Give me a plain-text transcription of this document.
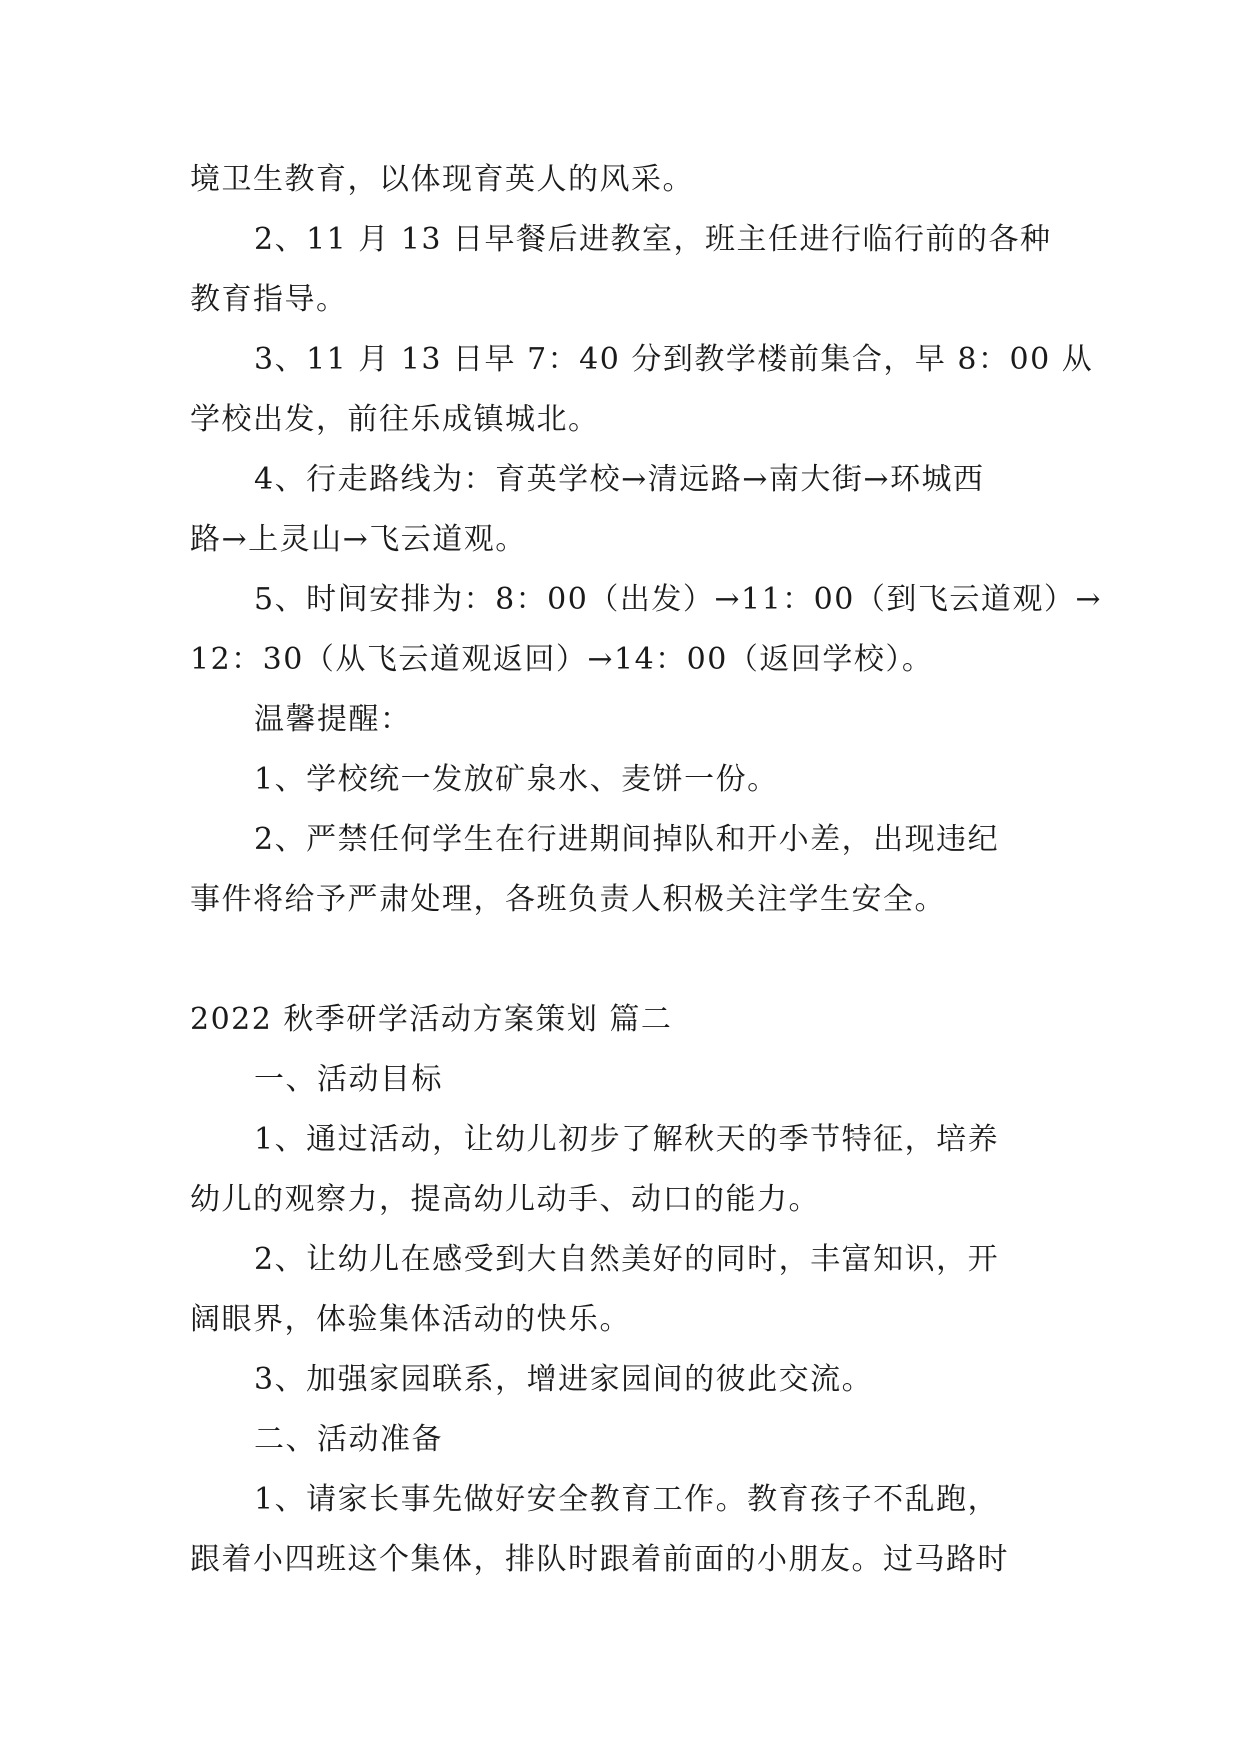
境卫生教育，以体现育英人的风采。
2、11 月 13 日早餐后进教室，班主任进行临行前的各种
教育指导。
3、11 月 13 日早 7：40 分到教学楼前集合，早 8：00 从
学校出发，前往乐成镇城北。
4、行走路线为：育英学校→清远路→南大街→环城西
路→上灵山→飞云道观。
5、时间安排为：8：00（出发）→11：00（到飞云道观）→
12：30（从飞云道观返回）→14：00（返回学校）。
温馨提醒：
1、学校统一发放矿泉水、麦饼一份。
2、严禁任何学生在行进期间掉队和开小差，出现违纪
事件将给予严肃处理，各班负责人积极关注学生安全。
2022 秋季研学活动方案策划 篇二
一、活动目标
1、通过活动，让幼儿初步了解秋天的季节特征，培养
幼儿的观察力，提高幼儿动手、动口的能力。
2、让幼儿在感受到大自然美好的同时，丰富知识，开
阔眼界，体验集体活动的快乐。
3、加强家园联系，增进家园间的彼此交流。
二、活动准备
1、请家长事先做好安全教育工作。教育孩子不乱跑，
跟着小四班这个集体，排队时跟着前面的小朋友。过马路时
